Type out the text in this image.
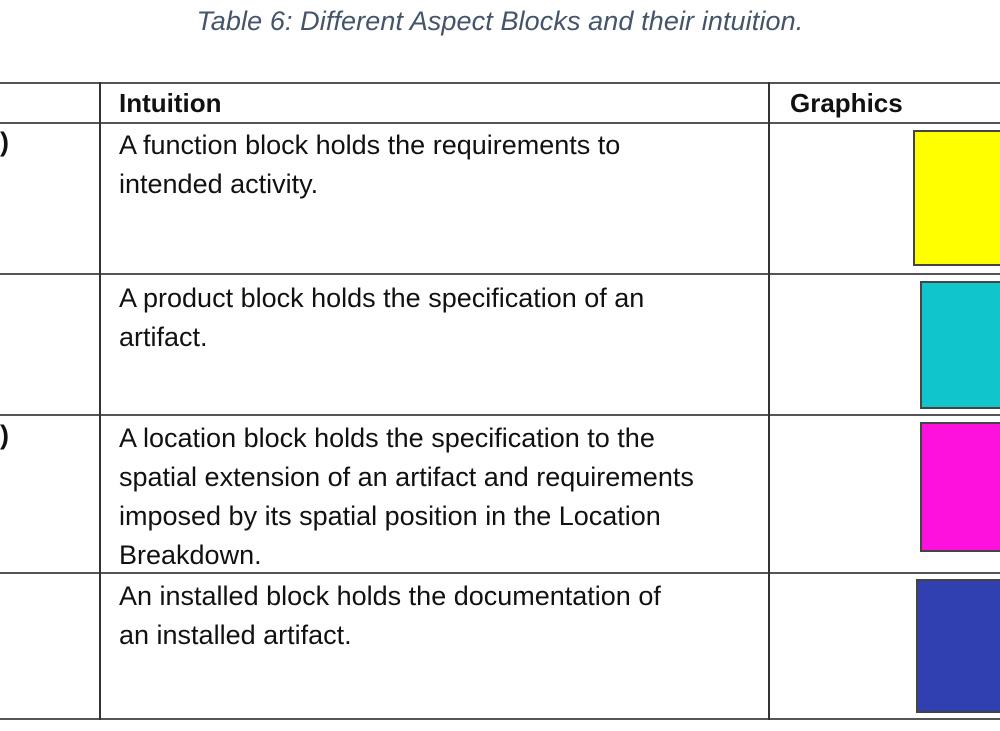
Table 6: Different Aspect Blocks and their intuition.
Intuition	Graphics
)	A function block holds the requirements to
intended activity.
A product block holds the specification of an
artifact.
)	A location block holds the specification to the
spatial extension of an artifact and requirements
imposed by its spatial position in the Location
Breakdown.
An installed block holds the documentation of
an installed artifact.
